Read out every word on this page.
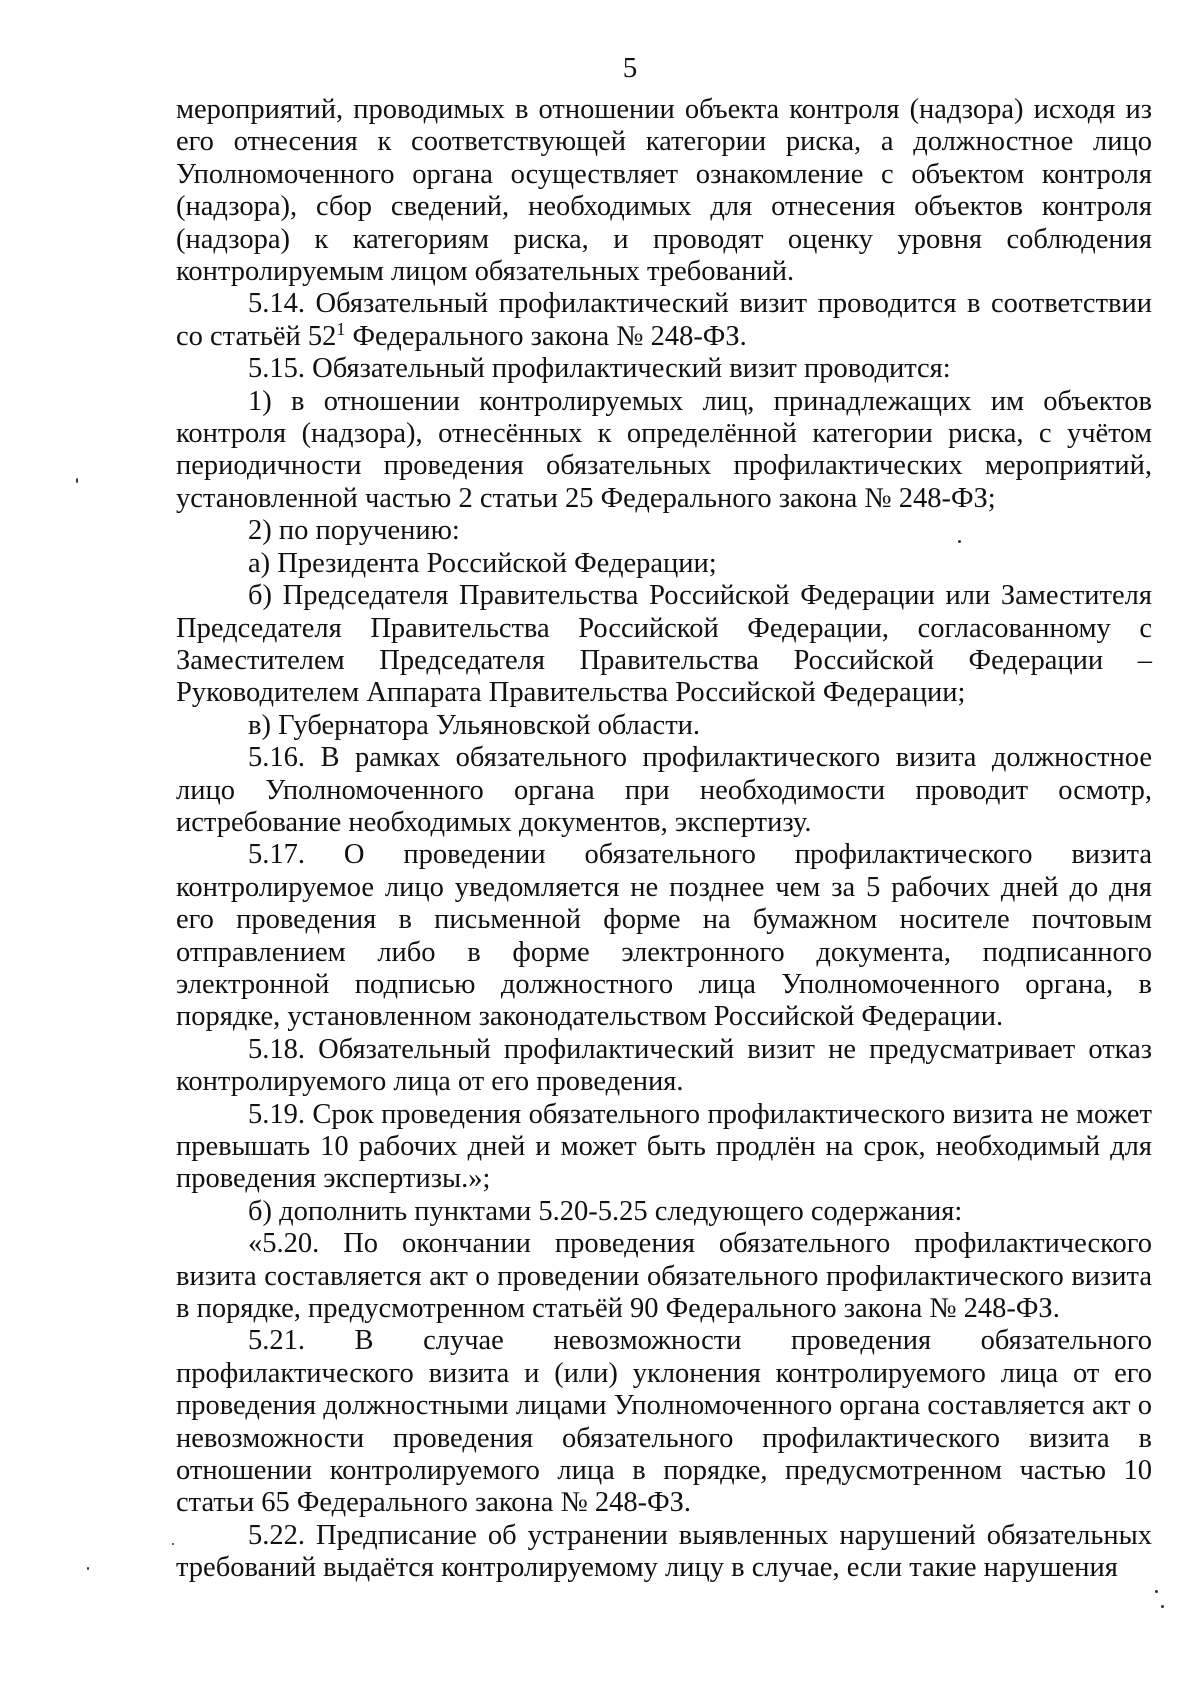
5

мероприятий, проводимых в отношении объекта контроля (надзора) исходя из его отнесения к соответствующей категории риска, а должностное лицо Уполномоченного органа осуществляет ознакомление с объектом контроля (надзора), сбор сведений, необходимых для отнесения объектов контроля (надзора) к категориям риска, и проводят оценку уровня соблюдения контролируемым лицом обязательных требований.

5.14. Обязательный профилактический визит проводится в соответствии со статьёй $52^1$ Федерального закона № 248-ФЗ.

5.15. Обязательный профилактический визит проводится:

1) в отношении контролируемых лиц, принадлежащих им объектов контроля (надзора), отнесённых к определённой категории риска, с учётом периодичности проведения обязательных профилактических мероприятий, установленной частью 2 статьи 25 Федерального закона № 248-ФЗ;

2) по поручению:

а) Президента Российской Федерации;

б) Председателя Правительства Российской Федерации или Заместителя Председателя Правительства Российской Федерации, согласованному с Заместителем Председателя Правительства Российской Федерации – Руководителем Аппарата Правительства Российской Федерации;

в) Губернатора Ульяновской области.

5.16. В рамках обязательного профилактического визита должностное лицо Уполномоченного органа при необходимости проводит осмотр, истребование необходимых документов, экспертизу.

5.17. О проведении обязательного профилактического визита контролируемое лицо уведомляется не позднее чем за 5 рабочих дней до дня его проведения в письменной форме на бумажном носителе почтовым отправлением либо в форме электронного документа, подписанного электронной подписью должностного лица Уполномоченного органа, в порядке, установленном законодательством Российской Федерации.

5.18. Обязательный профилактический визит не предусматривает отказ контролируемого лица от его проведения.

5.19. Срок проведения обязательного профилактического визита не может превышать 10 рабочих дней и может быть продлён на срок, необходимый для проведения экспертизы.»;

б) дополнить пунктами 5.20-5.25 следующего содержания:

«5.20. По окончании проведения обязательного профилактического визита составляется акт о проведении обязательного профилактического визита в порядке, предусмотренном статьёй 90 Федерального закона № 248-ФЗ.

5.21. В случае невозможности проведения обязательного профилактического визита и (или) уклонения контролируемого лица от его проведения должностными лицами Уполномоченного органа составляется акт о невозможности проведения обязательного профилактического визита в отношении контролируемого лица в порядке, предусмотренном частью 10 статьи 65 Федерального закона № 248-ФЗ.

5.22. Предписание об устранении выявленных нарушений обязательных требований выдаётся контролируемому лицу в случае, если такие нарушения
